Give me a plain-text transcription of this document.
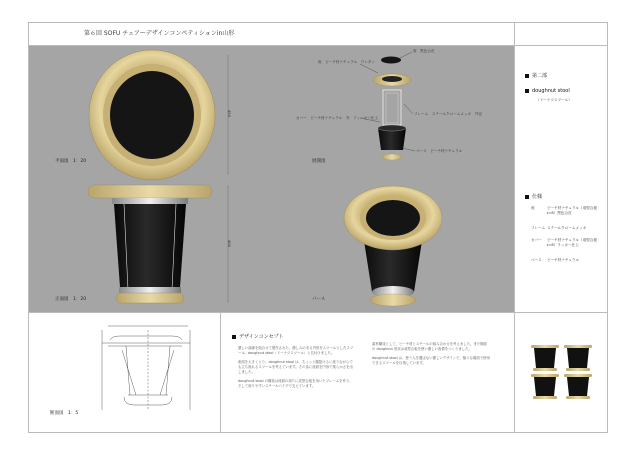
第６回 SOFU チェアーデザインコンペティションin山形
平面図　1：20
正面図　1：20
展開図
パース
断面図　1：5
450
460
座　黒色合皮
座　ビーチ材ナチュラル　ウレタン
フレーム　ステールクロームメッキ　外径
カバー　ビーチ材ナチュラル　外　フィーカー仕上
ベース　ビーチ材ナチュラル
第二部
doughnut stool
（ドーナツスツール）
仕様
座	ビーチ材ナチュラル（成型合板 t=8）黒色合皮
フレーム ステールクロームメッキ
カバー ビーチ材ナチュラル（成型合板 t=8）ラッカー仕上
ベース ビーチ材ナチュラル
デザインコンセプト

優しい曲線を組合せて製作された、優しみのある円形をスツールとしたスツール。doughnut stool（ドーナツスツール）と名付けました。

座面を大きくとり、doughnut stool は、ちょっと腰掛けるに座りながらでも立ち座れるスツールを考えています。その為に座面を円形で柔らかさを出しました。

doughnut stool の構造は座面の周りに成型合板を用いたフレームを作り、そして座りやすいスチールパイプで支えています。

素材構成として、ビーチ材とスチールの組み合わせを考えました。また側面の doughnut 形状は成型合板を使い優しい表情をつくりました。

doughnut stool は、使う人を選ばない優しいデザインで、様々な場面で使用できるスツールを目指しています。
